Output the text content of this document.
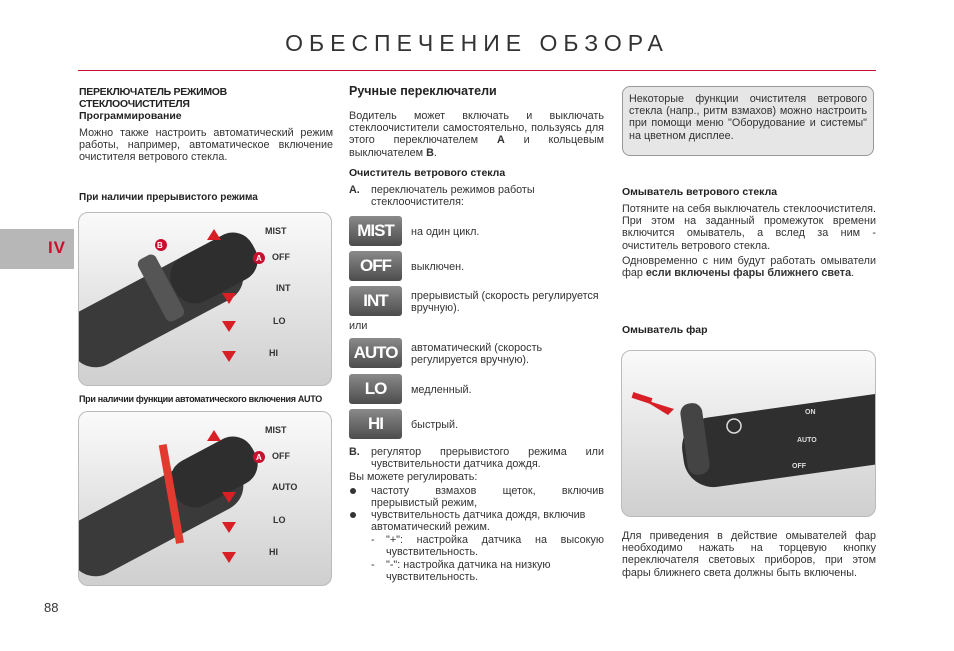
ОБЕСПЕЧЕНИЕ ОБЗОРА
IV
ПЕРЕКЛЮЧАТЕЛЬ РЕЖИМОВ СТЕКЛООЧИСТИТЕЛЯ
Программирование
Можно также настроить автоматический режим работы, например, автоматическое включение очистителя ветрового стекла.
При наличии прерывистого режима
B
A
MIST
OFF
INT
LO
HI
При наличии функции автоматического включения AUTO
A
MIST
OFF
AUTO
LO
HI
88
Ручные переключатели
Водитель может включать и выключать стеклоочистители самостоятельно, пользуясь для этого переключателем A и кольцевым выключателем B.
Очиститель ветрового стекла
A. переключатель режимов работы стеклоочистителя:
MIST	на один цикл.
OFF	выключен.
INT	прерывистый (скорость регулируется вручную).
или
AUTO	автоматический (скорость регулируется вручную).
LO	медленный.
HI	быстрый.
B. регулятор прерывистого режима или чувствительности датчика дождя.
Вы можете регулировать:
частоту взмахов щеток, включив прерывистый режим,
чувствительность датчика дождя, включив автоматический режим.
- "+": настройка датчика на высокую чувствительность.
- "-": настройка датчика на низкую чувствительность.
Некоторые функции очистителя ветрового стекла (напр., ритм взмахов) можно настроить при помощи меню "Оборудование и системы" на цветном дисплее.
Омыватель ветрового стекла
Потяните на себя выключатель стеклоочистителя. При этом на заданный промежуток времени включится омыватель, а вслед за ним - очиститель ветрового стекла.
Одновременно с ним будут работать омыватели фар если включены фары ближнего света.
Омыватель фар
ON
AUTO
OFF
Для приведения в действие омывателей фар необходимо нажать на торцевую кнопку переключателя световых приборов, при этом фары ближнего света должны быть включены.
